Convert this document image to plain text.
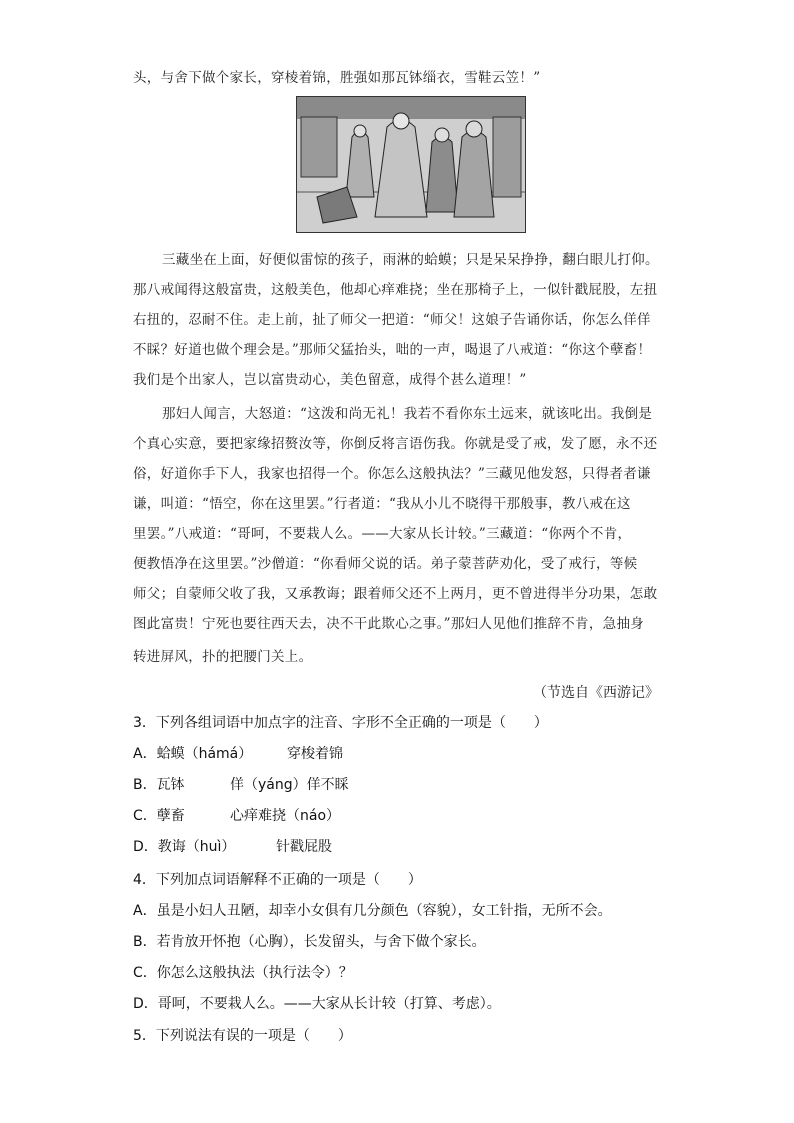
头，与舍下做个家长，穿棱着锦，胜强如那瓦钵缁衣，雪鞋云笠！”
三藏坐在上面，好便似雷惊的孩子，雨淋的蛤蟆；只是呆呆挣挣，翻白眼儿打仰。
那八戒闻得这般富贵，这般美色，他却心痒难挠；坐在那椅子上，一似针戳屁股，左扭
右扭的，忍耐不住。走上前，扯了师父一把道：“师父！这娘子告诵你话，你怎么佯佯
不睬？好道也做个理会是。”那师父猛抬头，咄的一声，喝退了八戒道：“你这个孽畜！
我们是个出家人，岂以富贵动心，美色留意，成得个甚么道理！”
那妇人闻言，大怒道：“这泼和尚无礼！我若不看你东土远来，就该叱出。我倒是
个真心实意，要把家缘招赘汝等，你倒反将言语伤我。你就是受了戒，发了愿，永不还
俗，好道你手下人，我家也招得一个。你怎么这般执法？”三藏见他发怒，只得者者谦
谦，叫道：“悟空，你在这里罢。”行者道：“我从小儿不晓得干那般事，教八戒在这
里罢。”八戒道：“哥呵，不要栽人么。——大家从长计较。”三藏道：“你两个不肯，
便教悟净在这里罢。”沙僧道：“你看师父说的话。弟子蒙菩萨劝化，受了戒行，等候
师父；自蒙师父收了我，又承教诲；跟着师父还不上两月，更不曾进得半分功果，怎敢
图此富贵！宁死也要往西天去，决不干此欺心之事。”那妇人见他们推辞不肯，急抽身
转进屏风，扑的把腰门关上。
（节选自《西游记》
3．下列各组词语中加点字的注音、字形不全正确的一项是（　　）
A．蛤蟆（hámá） 穿梭着锦
B．瓦钵	佯（yáng）佯不睬
C．孽畜	心痒难挠（náo）
D．教诲（huì）	针戳屁股
4．下列加点词语解释不正确的一项是（　　）
A．虽是小妇人丑陋，却幸小女俱有几分颜色（容貌），女工针指，无所不会。
B．若肯放开怀抱（心胸），长发留头，与舍下做个家长。
C．你怎么这般执法（执行法令）？
D．哥呵，不要栽人么。——大家从长计较（打算、考虑）。
5．下列说法有误的一项是（　　）
